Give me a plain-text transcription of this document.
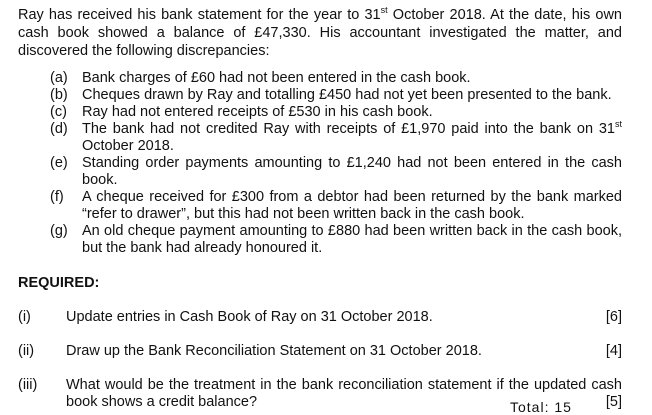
Ray has received his bank statement for the year to 31st October 2018. At the date, his own cash book showed a balance of £47,330. His accountant investigated the matter, and discovered the following discrepancies:

(a) Bank charges of £60 had not been entered in the cash book.
(b) Cheques drawn by Ray and totalling £450 had not yet been presented to the bank.
(c)	Ray had not entered receipts of £530 in his cash book.
(d) The bank had not credited Ray with receipts of £1,970 paid into the bank on 31st October 2018.
(e) Standing order payments amounting to £1,240 had not been entered in the cash book.
(f)	A cheque received for £300 from a debtor had been returned by the bank marked “refer to drawer”, but this had not been written back in the cash book.
(g) An old cheque payment amounting to £880 had been written back in the cash book, but the bank had already honoured it.

REQUIRED:

(i) Update entries in Cash Book of Ray on 31 October 2018.	[6]
(ii) Draw up the Bank Reconciliation Statement on 31 October 2018.	[4]
(iii) What would be the treatment in the bank reconciliation statement if the updated cash book shows a credit balance?	[5]
Total: 15
